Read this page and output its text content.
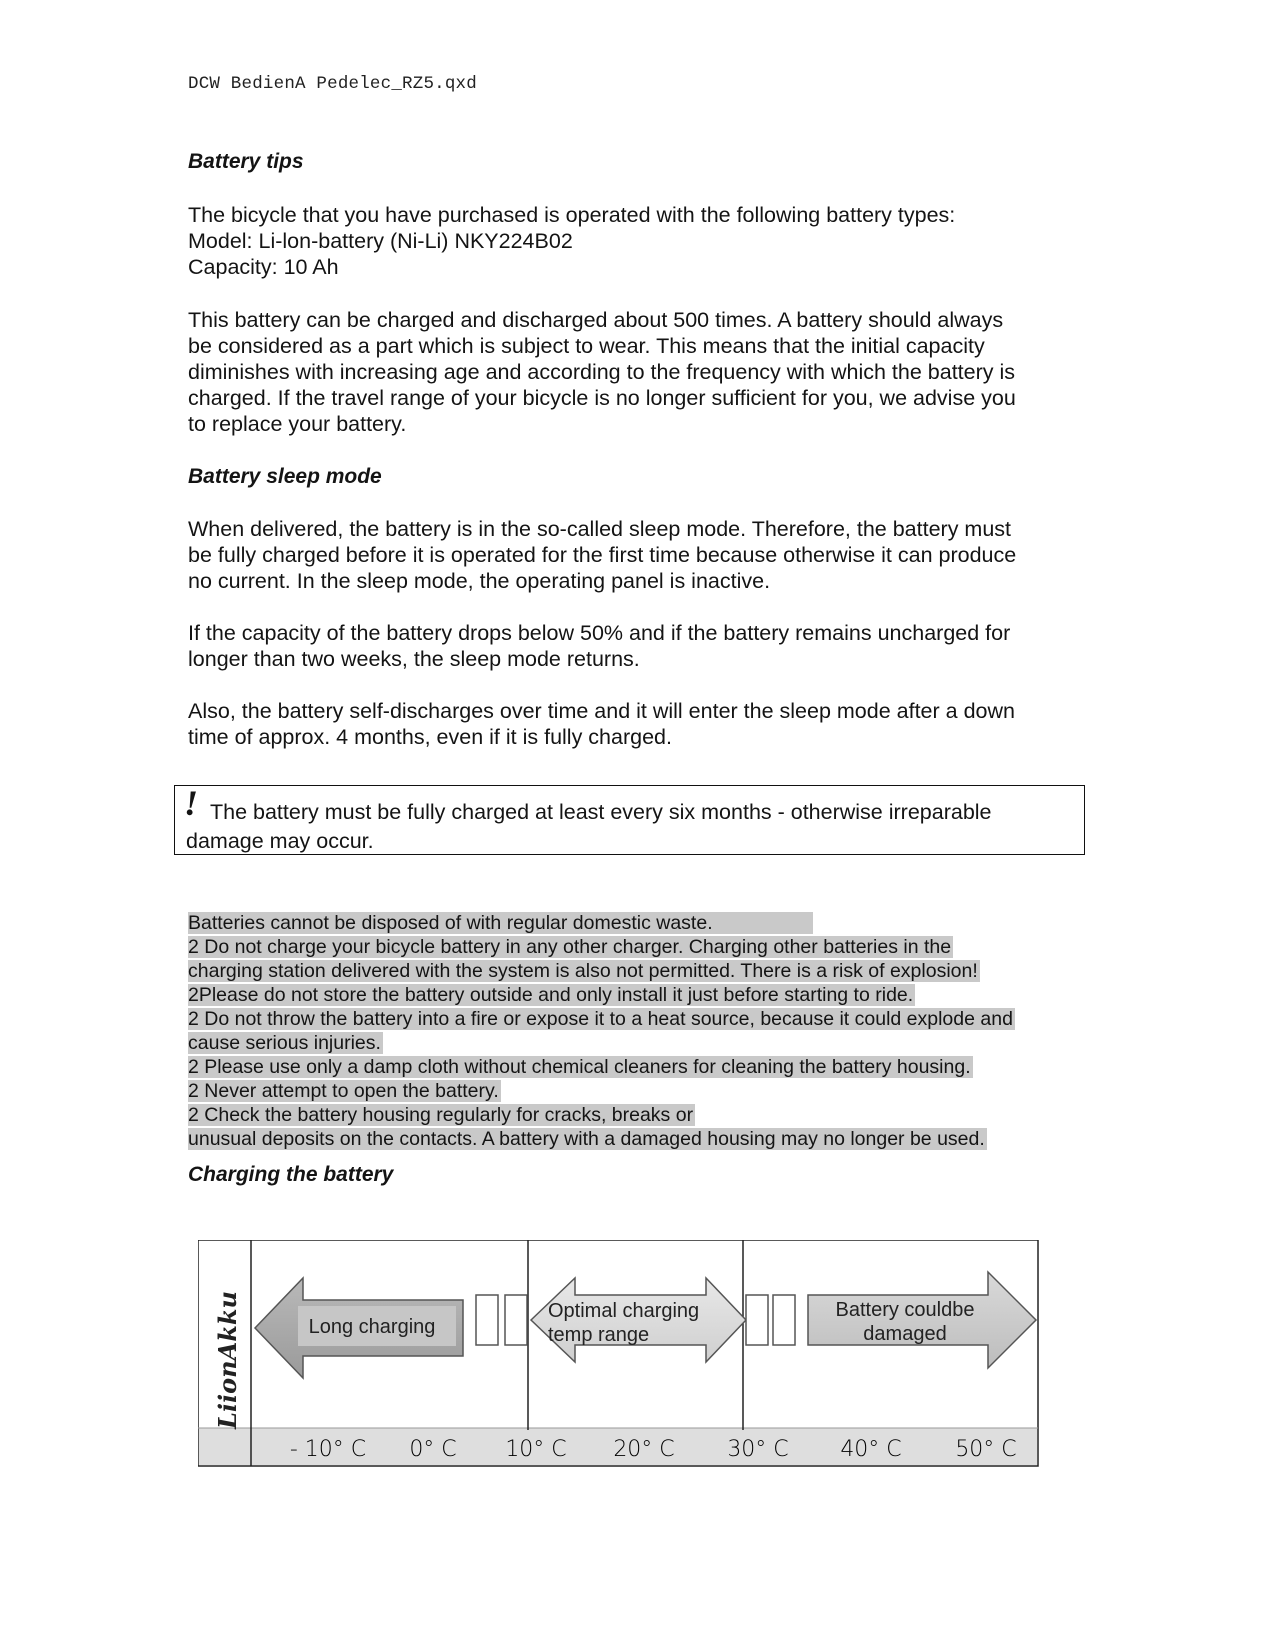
DCW BedienA Pedelec_RZ5.qxd
Battery tips
The bicycle that you have purchased is operated with the following battery types:
Model: Li-lon-battery (Ni-Li) NKY224B02
Capacity: 10 Ah
This battery can be charged and discharged about 500 times. A battery should always
be considered as a part which is subject to wear. This means that the initial capacity
diminishes with increasing age and according to the frequency with which the battery is
charged. If the travel range of your bicycle is no longer sufficient for you, we advise you
to replace your battery.
Battery sleep mode
When delivered, the battery is in the so-called sleep mode. Therefore, the battery must
be fully charged before it is operated for the first time because otherwise it can produce
no current. In the sleep mode, the operating panel is inactive.
If the capacity of the battery drops below 50% and if the battery remains uncharged for
longer than two weeks, the sleep mode returns.
Also, the battery self-discharges over time and it will enter the sleep mode after a down
time of approx. 4 months, even if it is fully charged.
! The battery must be fully charged at least every six months - otherwise irreparable
damage may occur.
Batteries cannot be disposed of with regular domestic waste.
2 Do not charge your bicycle battery in any other charger. Charging other batteries in the
charging station delivered with the system is also not permitted. There is a risk of explosion!
2Please do not store the battery outside and only install it just before starting to ride.
2 Do not throw the battery into a fire or expose it to a heat source, because it could explode and
cause serious injuries.
2 Please use only a damp cloth without chemical cleaners for cleaning the battery housing.
2 Never attempt to open the battery.
2 Check the battery housing regularly for cracks, breaks or
unusual deposits on the contacts. A battery with a damaged housing may no longer be used.
Charging the battery
LiionAkku	Long charging
Optimal charging
temp range
Battery couldbe
damaged
- 10° C 0° C 10° C 20° C 30° C 40° C 50° C
